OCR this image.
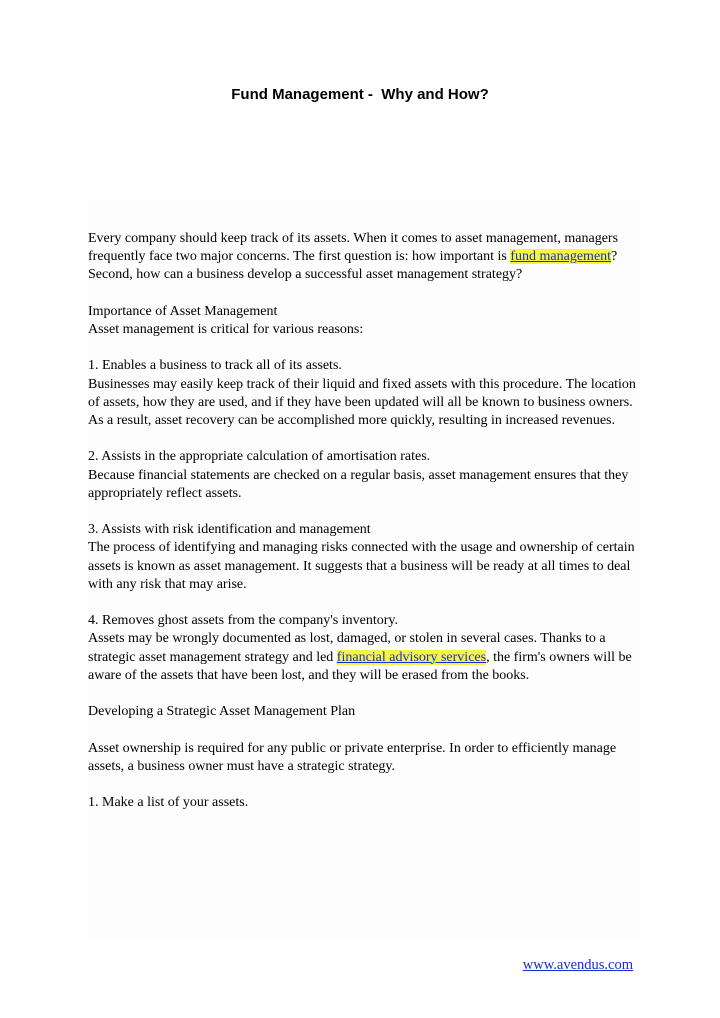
Fund Management -  Why and How?

Every company should keep track of its assets. When it comes to asset management, managers frequently face two major concerns. The first question is: how important is fund management? Second, how can a business develop a successful asset management strategy?

Importance of Asset Management
Asset management is critical for various reasons:

1. Enables a business to track all of its assets.
Businesses may easily keep track of their liquid and fixed assets with this procedure. The location of assets, how they are used, and if they have been updated will all be known to business owners. As a result, asset recovery can be accomplished more quickly, resulting in increased revenues.

2. Assists in the appropriate calculation of amortisation rates.
Because financial statements are checked on a regular basis, asset management ensures that they appropriately reflect assets.

3. Assists with risk identification and management
The process of identifying and managing risks connected with the usage and ownership of certain assets is known as asset management. It suggests that a business will be ready at all times to deal with any risk that may arise.

4. Removes ghost assets from the company's inventory.
Assets may be wrongly documented as lost, damaged, or stolen in several cases. Thanks to a strategic asset management strategy and led financial advisory services, the firm's owners will be aware of the assets that have been lost, and they will be erased from the books.

Developing a Strategic Asset Management Plan

Asset ownership is required for any public or private enterprise. In order to efficiently manage assets, a business owner must have a strategic strategy.

1. Make a list of your assets.

www.avendus.com
